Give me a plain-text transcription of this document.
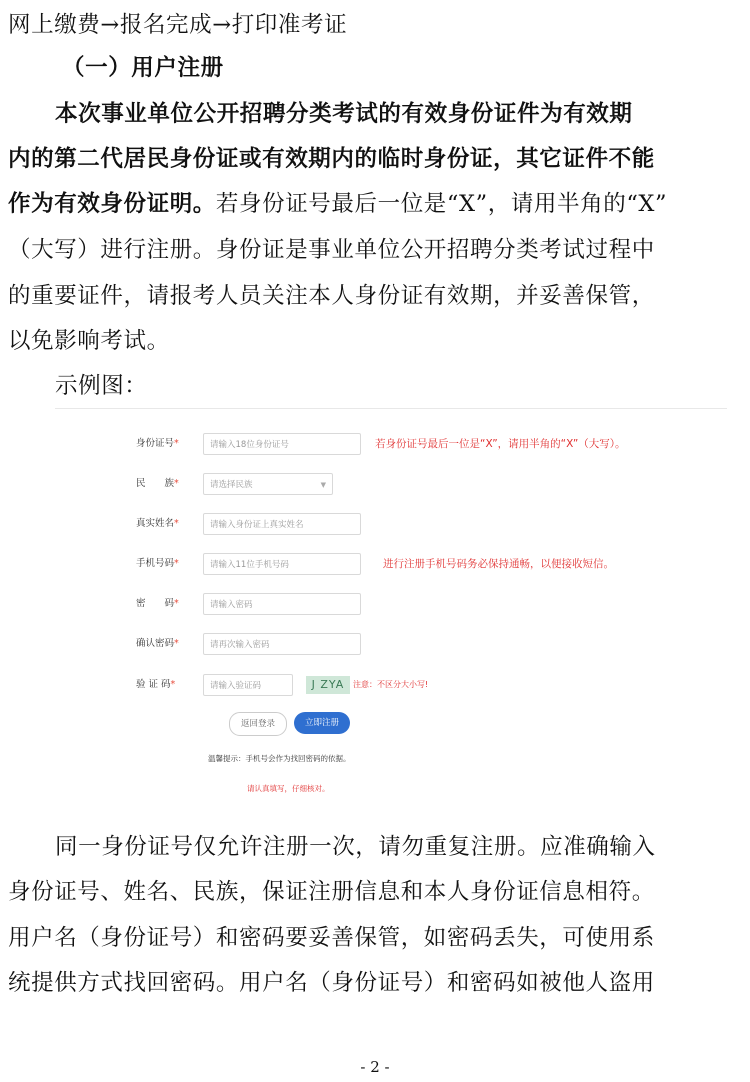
网上缴费→报名完成→打印准考证
（一）用户注册
本次事业单位公开招聘分类考试的有效身份证件为有效期
内的第二代居民身份证或有效期内的临时身份证，其它证件不能
作为有效身份证明。若身份证号最后一位是“X”，请用半角的“X”
（大写）进行注册。身份证是事业单位公开招聘分类考试过程中
的重要证件，请报考人员关注本人身份证有效期，并妥善保管，
以免影响考试。
示例图：
身份证号*	请输入18位身份证号	若身份证号最后一位是“X”，请用半角的“X”（大写）。
民　　族*	请选择民族	▼
真实姓名*	请输入身份证上真实姓名
手机号码*	请输入11位手机号码	进行注册手机号码务必保持通畅，以便接收短信。
密　　码*	请输入密码
确认密码*	请再次输入密码
验 证 码*	请输入验证码	J ZYA	注意：不区分大小写!
返回登录	立即注册
温馨提示：手机号会作为找回密码的依据。
请认真填写，仔细核对。
同一身份证号仅允许注册一次，请勿重复注册。应准确输入
身份证号、姓名、民族，保证注册信息和本人身份证信息相符。
用户名（身份证号）和密码要妥善保管，如密码丢失，可使用系
统提供方式找回密码。用户名（身份证号）和密码如被他人盗用
- 2 -
